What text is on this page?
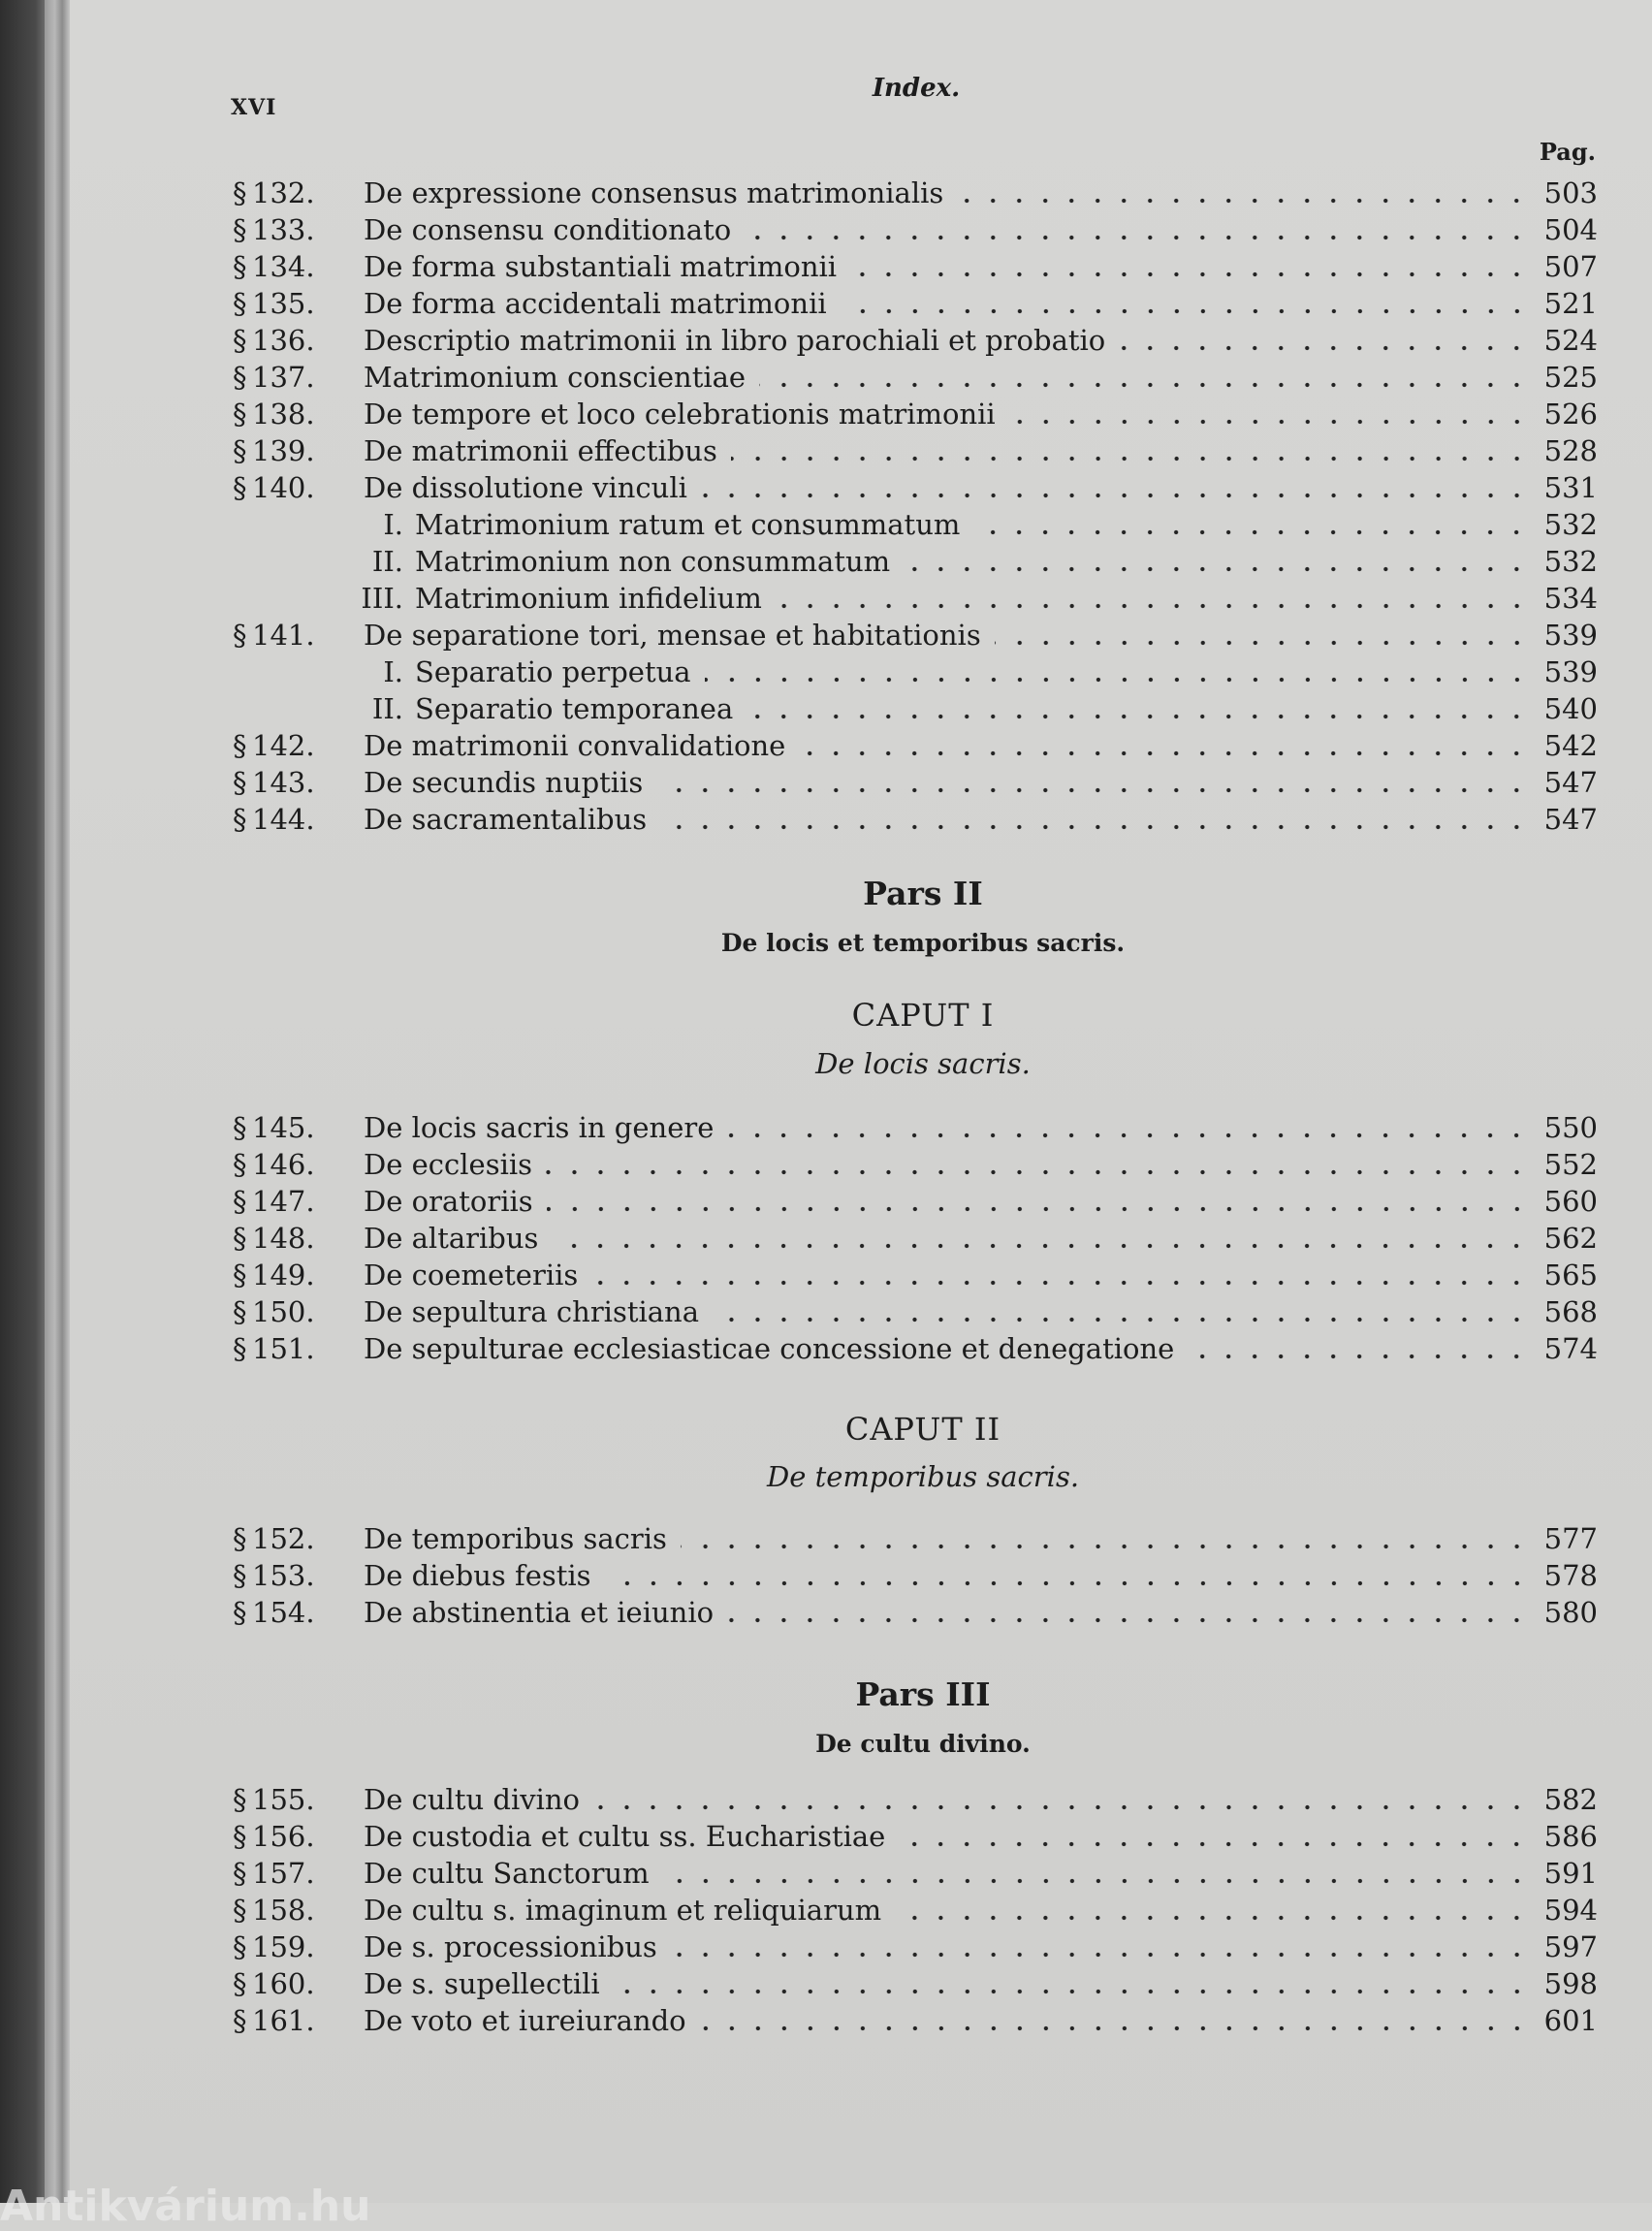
XVI
Index.
Pag.
§ 132.	De expressione consensus matrimonialis	503
§ 133.	De consensu conditionato	504
§ 134.	De forma substantiali matrimonii	507
§ 135.	De forma accidentali matrimonii	521
§ 136.	Descriptio matrimonii in libro parochiali et probatio	524
§ 137.	Matrimonium conscientiae	525
§ 138.	De tempore et loco celebrationis matrimonii	526
§ 139.	De matrimonii effectibus	528
§ 140.	De dissolutione vinculi	531
I. Matrimonium ratum et consummatum	532
II. Matrimonium non consummatum	532
III. Matrimonium infidelium	534
§ 141.	De separatione tori, mensae et habitationis	539
I. Separatio perpetua	539
II. Separatio temporanea	540
§ 142.	De matrimonii convalidatione	542
§ 143.	De secundis nuptiis	547
§ 144.	De sacramentalibus	547
Pars II
De locis et temporibus sacris.
CAPUT I
De locis sacris.
§ 145.	De locis sacris in genere	550
§ 146.	De ecclesiis	552
§ 147.	De oratoriis	560
§ 148.	De altaribus	562
§ 149.	De coemeteriis	565
§ 150.	De sepultura christiana	568
§ 151.	De sepulturae ecclesiasticae concessione et denegatione	574
CAPUT II
De temporibus sacris.
§ 152.	De temporibus sacris	577
§ 153.	De diebus festis	578
§ 154.	De abstinentia et ieiunio	580
Pars III
De cultu divino.
§ 155.	De cultu divino	582
§ 156.	De custodia et cultu ss. Eucharistiae	586
§ 157.	De cultu Sanctorum	591
§ 158.	De cultu s. imaginum et reliquiarum	594
§ 159.	De s. processionibus	597
§ 160.	De s. supellectili	598
§ 161.	De voto et iureiurando	601
Antikvárium.hu
